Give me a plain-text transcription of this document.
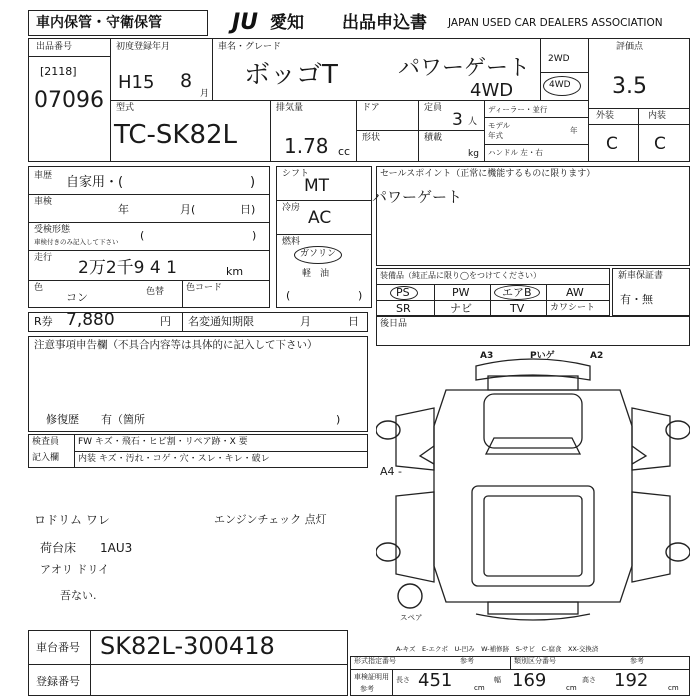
車内保管・守衛保管	JU 愛知 出品申込書 JAPAN USED CAR DEALERS ASSOCIATION
出品番号
[2118]
07096
初度登録年月
H15 8
月
車名・グレード
ボッゴT	パワーゲート
4WD
2WD
4WD
評価点
3.5
外装	内装
C C
型式
TC-SK82L
排気量
1.78 cc
ドア
形状
定員
3 人
積載
kg
ディーラー・並行
モデル
年式
年
ハンドル 左・右
車歴 自家用・(	)
車検
年	月(	日)
受検形態
車検付きのみ記入して下さい (	)
走行 2万2千9 4 1	km
色
コン	色替 色コード
シフト
MT
冷房 AC
燃料
ガソリン
軽　油
(	)
セールスポイント（正常に機能するものに限ります）
パワーゲート
装備品（純正品に限り◯をつけてください）
PS	PW	エアB	AW
SR	ナビ	TV	カワシート
新車保証書
有・無
R券 7,880	円 名変通知期限	月	日 後日品
注意事項申告欄（不具合内容等は具体的に記入して下さい）
修復歴　　有（箇所	)
検査員
記入欄
FW キズ・飛石・ヒビ割・リペア跡・X 要
内装 キズ・汚れ・コゲ・穴・スレ・キレ・破レ
ロドリム ワレ
荷台床　　1AU3
アオリ ドリイ
吾ない.
エンジンチェック 点灯
A4 -
A3	Pいゲ	A2
スペア
車台番号 SK82L-300418
登録番号
A-キズ　E-エクボ　U-凹み　W-補修跡　S-サビ　C-腐食　XX-交換済
形式指定番号	参考	類別区分番号	参考
車検証明用
参考
長さ 451	cm
幅 169	cm
高さ 192	cm
